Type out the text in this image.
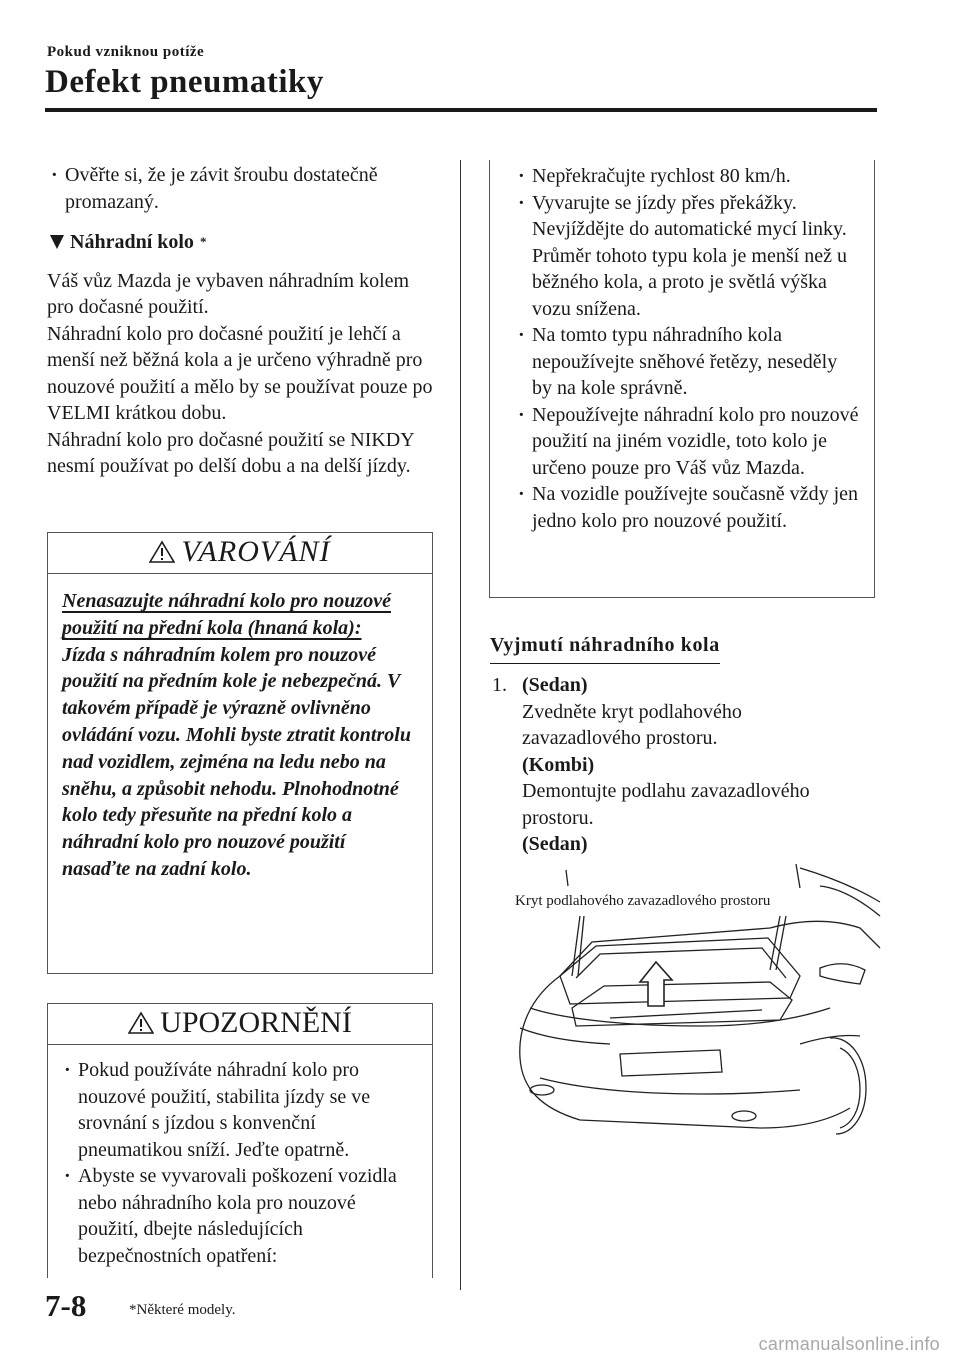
Pokud vzniknou potíže
Defekt pneumatiky
· Ověřte si, že je závit šroubu dostatečně promazaný.
Náhradní kolo *
Váš vůz Mazda je vybaven náhradním kolem pro dočasné použití.
Náhradní kolo pro dočasné použití je lehčí a menší než běžná kola a je určeno výhradně pro nouzové použití a mělo by se používat pouze po VELMI krátkou dobu.
Náhradní kolo pro dočasné použití se NIKDY nesmí používat po delší dobu a na delší jízdy.
VAROVÁNÍ
Nenasazujte náhradní kolo pro nouzové použití na přední kola (hnaná kola):
Jízda s náhradním kolem pro nouzové použití na předním kole je nebezpečná. V takovém případě je výrazně ovlivněno ovládání vozu. Mohli byste ztratit kontrolu nad vozidlem, zejména na ledu nebo na sněhu, a způsobit nehodu. Plnohodnotné kolo tedy přesuňte na přední kolo a náhradní kolo pro nouzové použití nasaďte na zadní kolo.
UPOZORNĚNÍ
· Pokud používáte náhradní kolo pro nouzové použití, stabilita jízdy se ve srovnání s jízdou s konvenční pneumatikou sníží. Jeďte opatrně.
· Abyste se vyvarovali poškození vozidla nebo náhradního kola pro nouzové použití, dbejte následujících bezpečnostních opatření:
· Nepřekračujte rychlost 80 km/h.
· Vyvarujte se jízdy přes překážky. Nevjíždějte do automatické mycí linky. Průměr tohoto typu kola je menší než u běžného kola, a proto je světlá výška vozu snížena.
· Na tomto typu náhradního kola nepoužívejte sněhové řetězy, neseděly by na kole správně.
· Nepoužívejte náhradní kolo pro nouzové použití na jiném vozidle, toto kolo je určeno pouze pro Váš vůz Mazda.
· Na vozidle používejte současně vždy jen jedno kolo pro nouzové použití.
Vyjmutí náhradního kola
1. (Sedan)
Zvedněte kryt podlahového zavazadlového prostoru.
(Kombi)
Demontujte podlahu zavazadlového prostoru.
(Sedan)
Kryt podlahového zavazadlového prostoru
7-8	*Některé modely.
carmanualsonline.info
